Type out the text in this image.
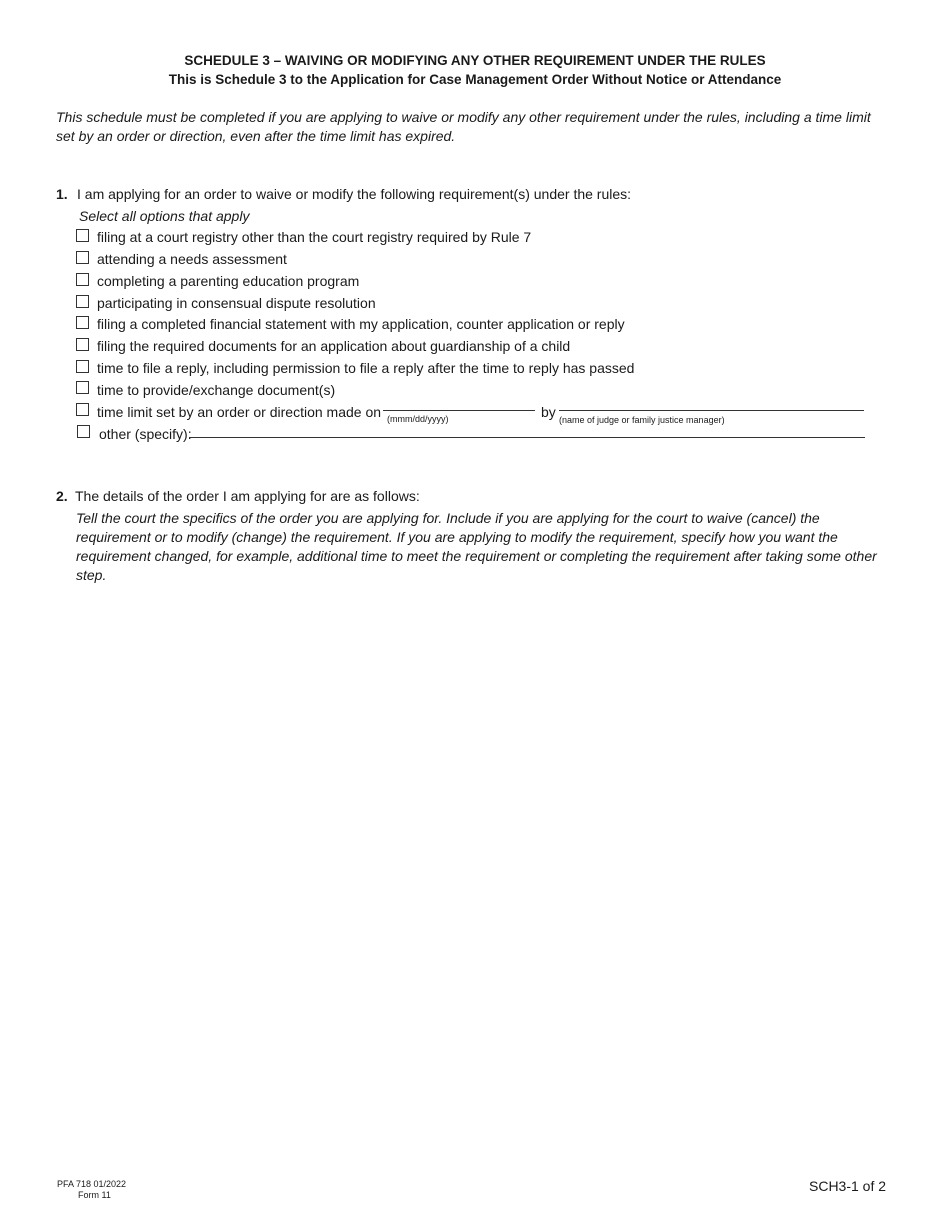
SCHEDULE 3 – WAIVING OR MODIFYING ANY OTHER REQUIREMENT UNDER THE RULES
This is Schedule 3 to the Application for Case Management Order Without Notice or Attendance
This schedule must be completed if you are applying to waive or modify any other requirement under the rules, including a time limit set by an order or direction, even after the time limit has expired.
1. I am applying for an order to waive or modify the following requirement(s) under the rules:
Select all options that apply
filing at a court registry other than the court registry required by Rule 7
attending a needs assessment
completing a parenting education program
participating in consensual dispute resolution
filing a completed financial statement with my application, counter application or reply
filing the required documents for an application about guardianship of a child
time to file a reply, including permission to file a reply after the time to reply has passed
time to provide/exchange document(s)
time limit set by an order or direction made on (mmm/dd/yyyy)	by (name of judge or family justice manager)
other (specify):
2. The details of the order I am applying for are as follows:
Tell the court the specifics of the order you are applying for. Include if you are applying for the court to waive (cancel) the requirement or to modify (change) the requirement. If you are applying to modify the requirement, specify how you want the requirement changed, for example, additional time to meet the requirement or completing the requirement after taking some other step.
PFA 718 01/2022
Form 11
SCH3-1 of 2
